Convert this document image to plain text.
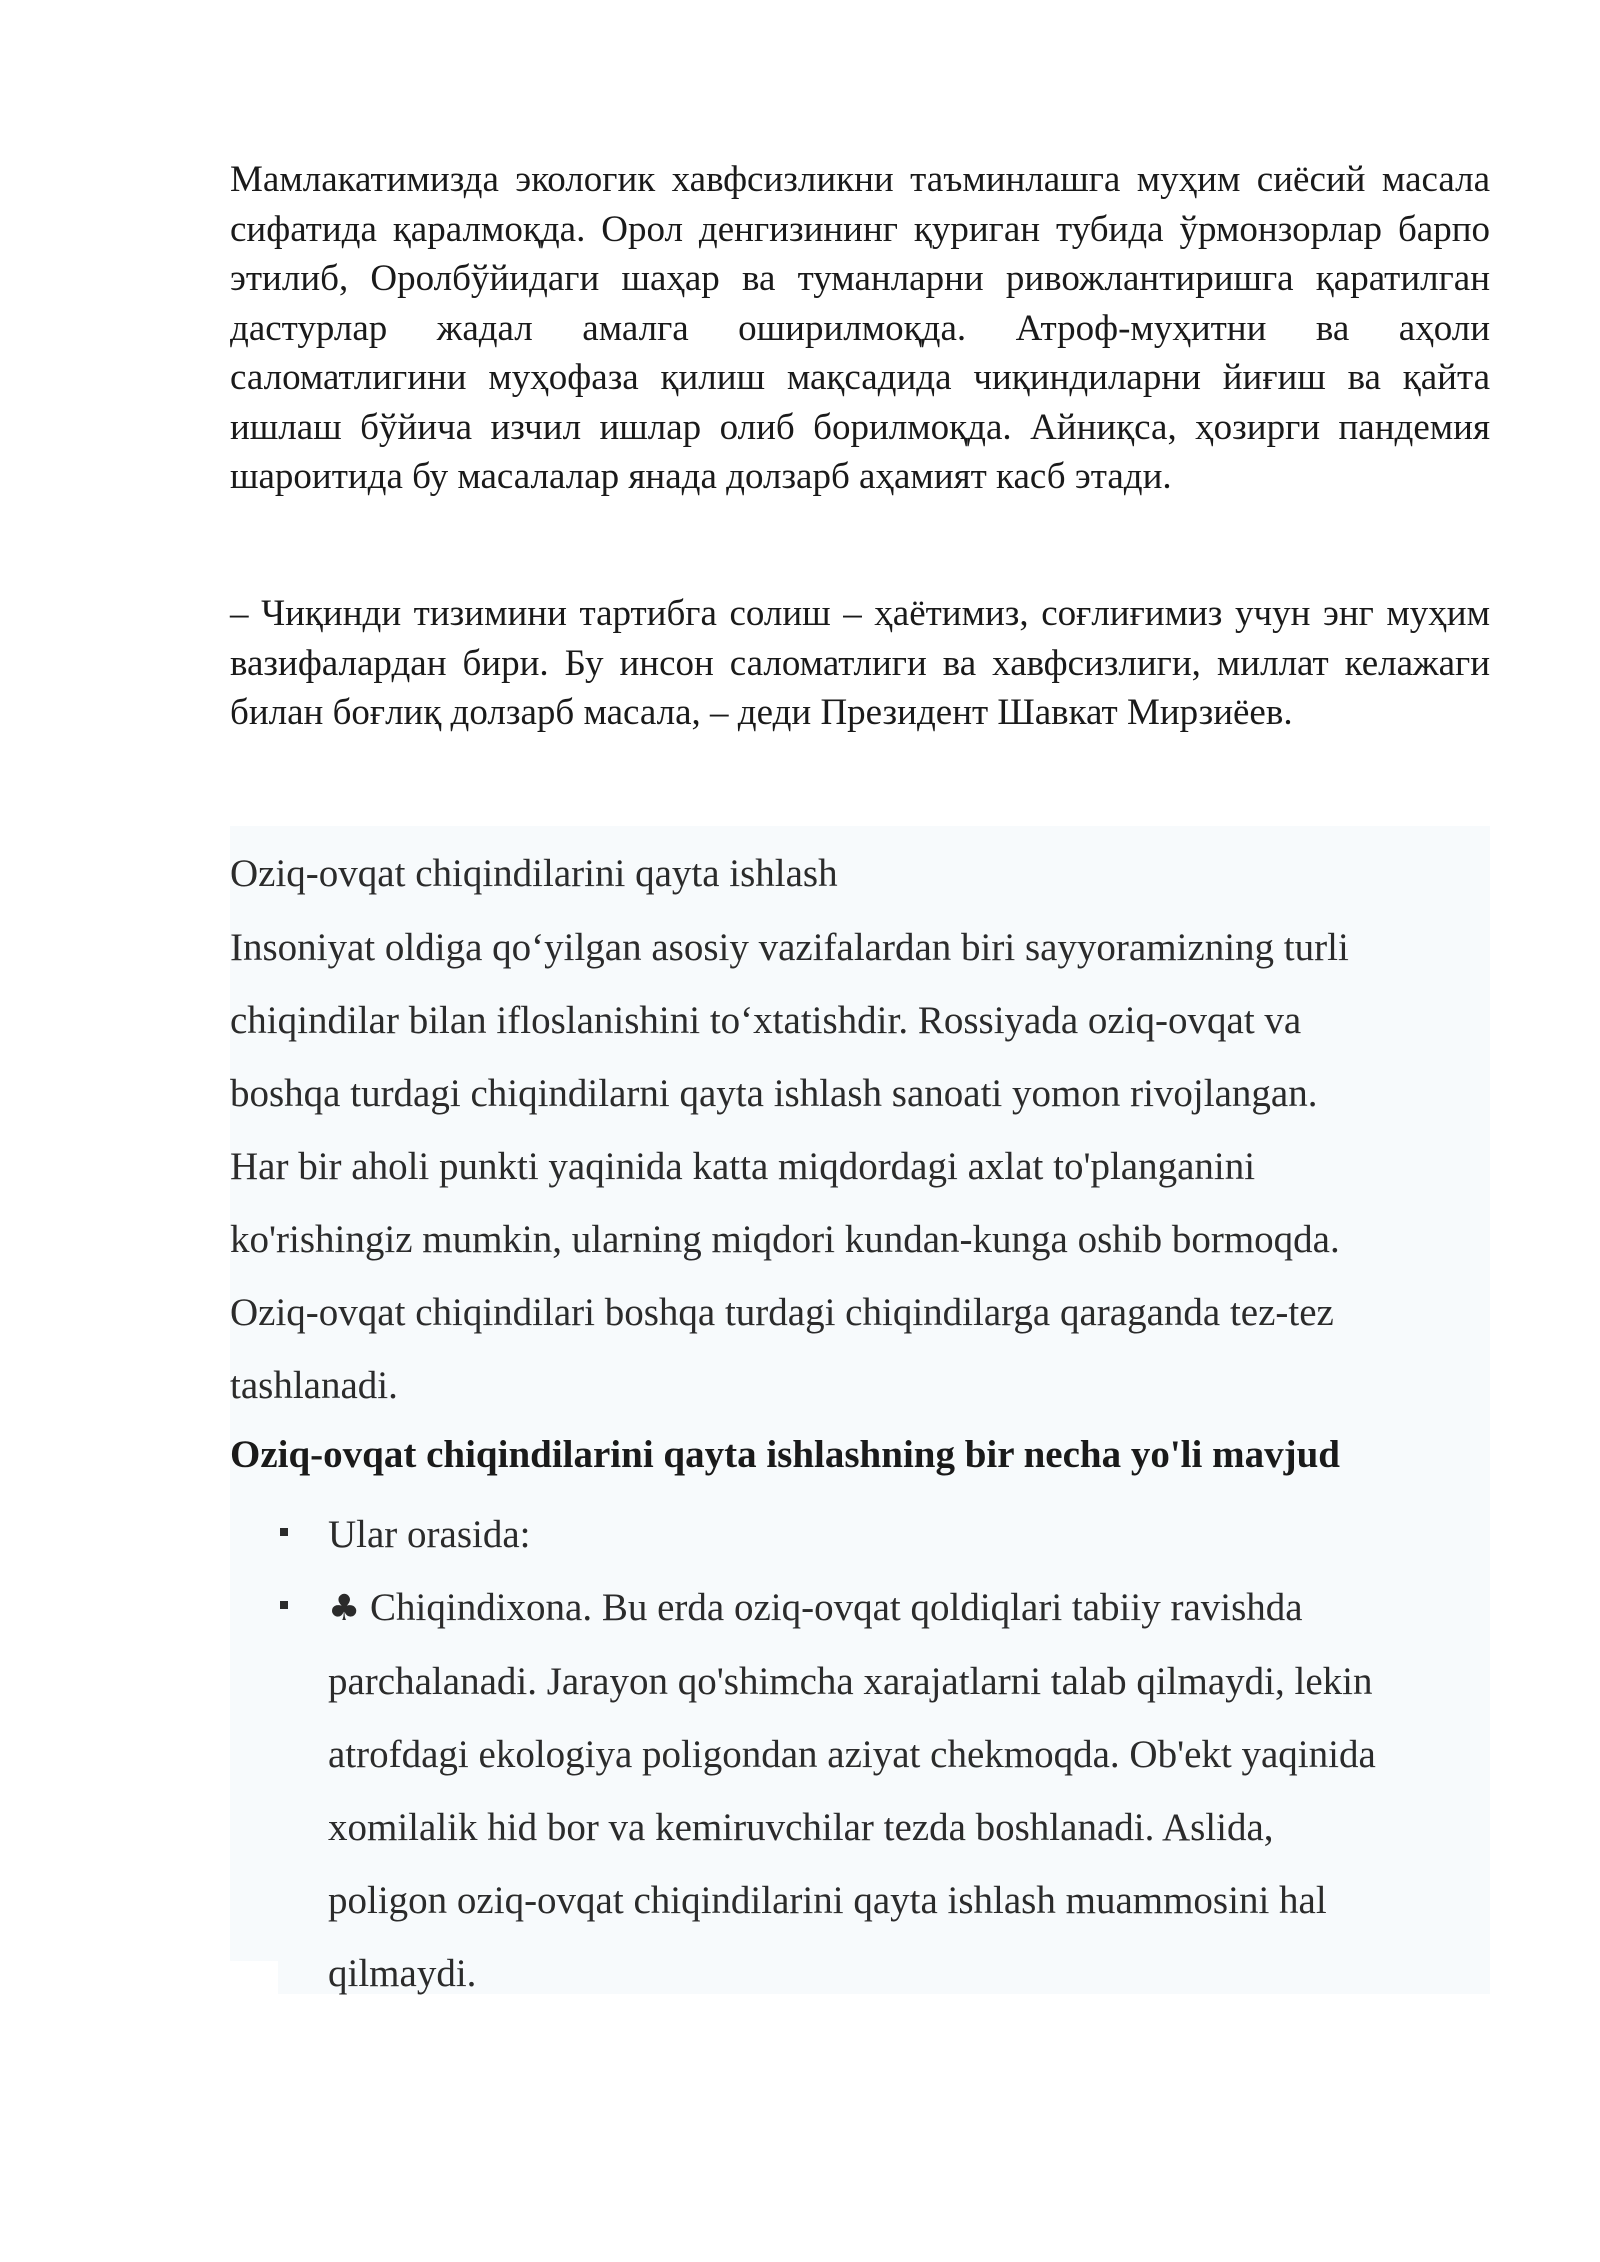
Мамлакатимизда экологик хавфсизликни таъминлашга муҳим сиёсий масала сифатида қаралмоқда. Орол денгизининг қуриган тубида ўрмонзорлар барпо этилиб, Оролбўйидаги шаҳар ва туманларни ривожлантиришга қаратилган дастурлар жадал амалга оширилмоқда. Атроф-муҳитни ва аҳоли саломатлигини муҳофаза қилиш мақсадида чиқиндиларни йиғиш ва қайта ишлаш бўйича изчил ишлар олиб борилмоқда. Айниқса, ҳозирги пандемия шароитида бу масалалар янада долзарб аҳамият касб этади.

– Чиқинди тизимини тартибга солиш – ҳаётимиз, соғлиғимиз учун энг муҳим вазифалардан бири. Бу инсон саломатлиги ва хавфсизлиги, миллат келажаги билан боғлиқ долзарб масала, – деди Президент Шавкат Мирзиёев.

Oziq-ovqat chiqindilarini qayta ishlash

Insoniyat oldiga qo‘yilgan asosiy vazifalardan biri sayyoramizning turli
chiqindilar bilan ifloslanishini to‘xtatishdir. Rossiyada oziq-ovqat va
boshqa turdagi chiqindilarni qayta ishlash sanoati yomon rivojlangan.
Har bir aholi punkti yaqinida katta miqdordagi axlat to'planganini
ko'rishingiz mumkin, ularning miqdori kundan-kunga oshib bormoqda.
Oziq-ovqat chiqindilari boshqa turdagi chiqindilarga qaraganda tez-tez
tashlanadi.

Oziq-ovqat chiqindilarini qayta ishlashning bir necha yo'li mavjud

Ular orasida:
♣ Chiqindixona. Bu erda oziq-ovqat qoldiqlari tabiiy ravishda
parchalanadi. Jarayon qo'shimcha xarajatlarni talab qilmaydi, lekin
atrofdagi ekologiya poligondan aziyat chekmoqda. Ob'ekt yaqinida
xomilalik hid bor va kemiruvchilar tezda boshlanadi. Aslida,
poligon oziq-ovqat chiqindilarini qayta ishlash muammosini hal
qilmaydi.
